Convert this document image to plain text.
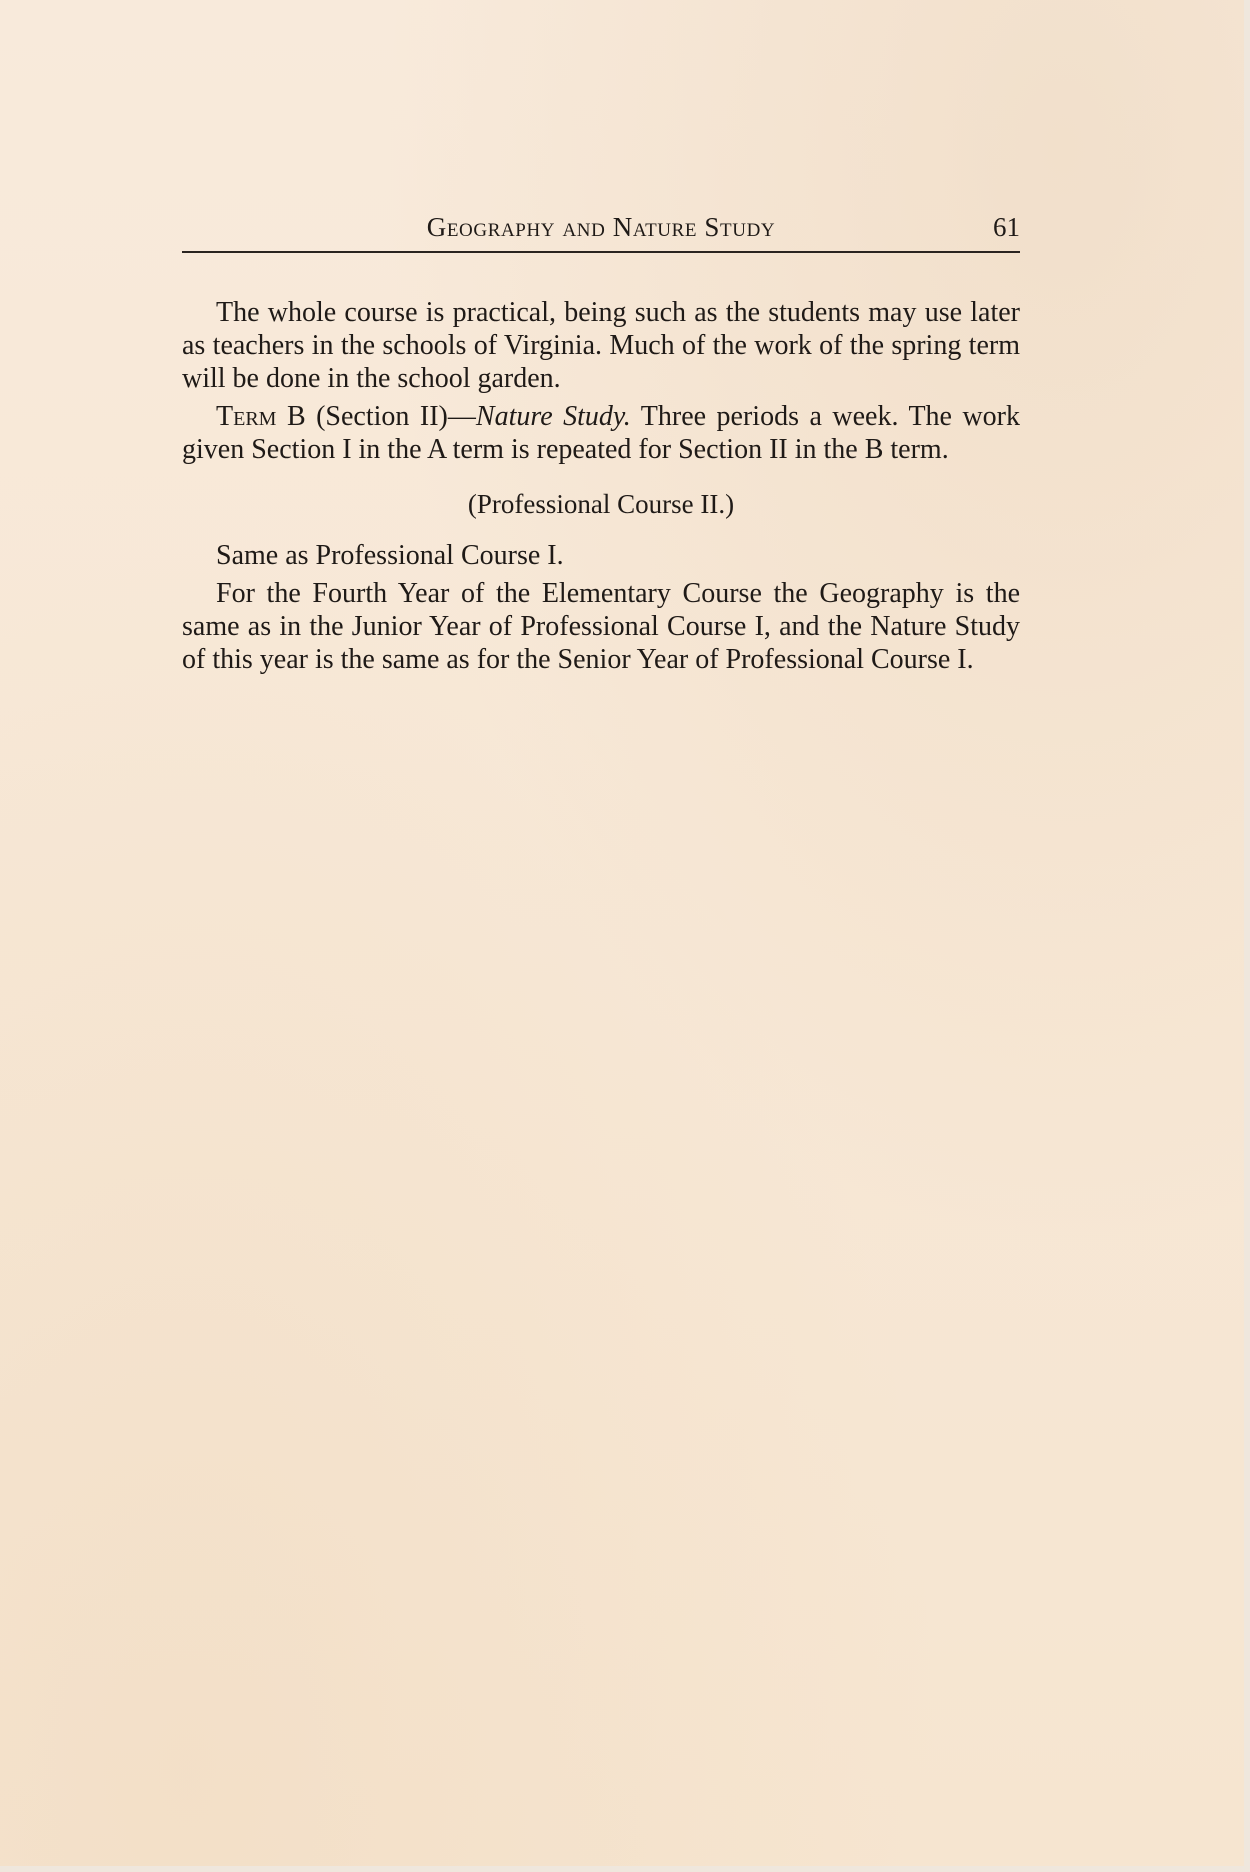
Geography and Nature Study	61

The whole course is practical, being such as the students may use later as teachers in the schools of Virginia. Much of the work of the spring term will be done in the school garden.

Term B (Section II)—Nature Study. Three periods a week. The work given Section I in the A term is repeated for Section II in the B term.

(Professional Course II.)

Same as Professional Course I.

For the Fourth Year of the Elementary Course the Geography is the same as in the Junior Year of Professional Course I, and the Nature Study of this year is the same as for the Senior Year of Professional Course I.
